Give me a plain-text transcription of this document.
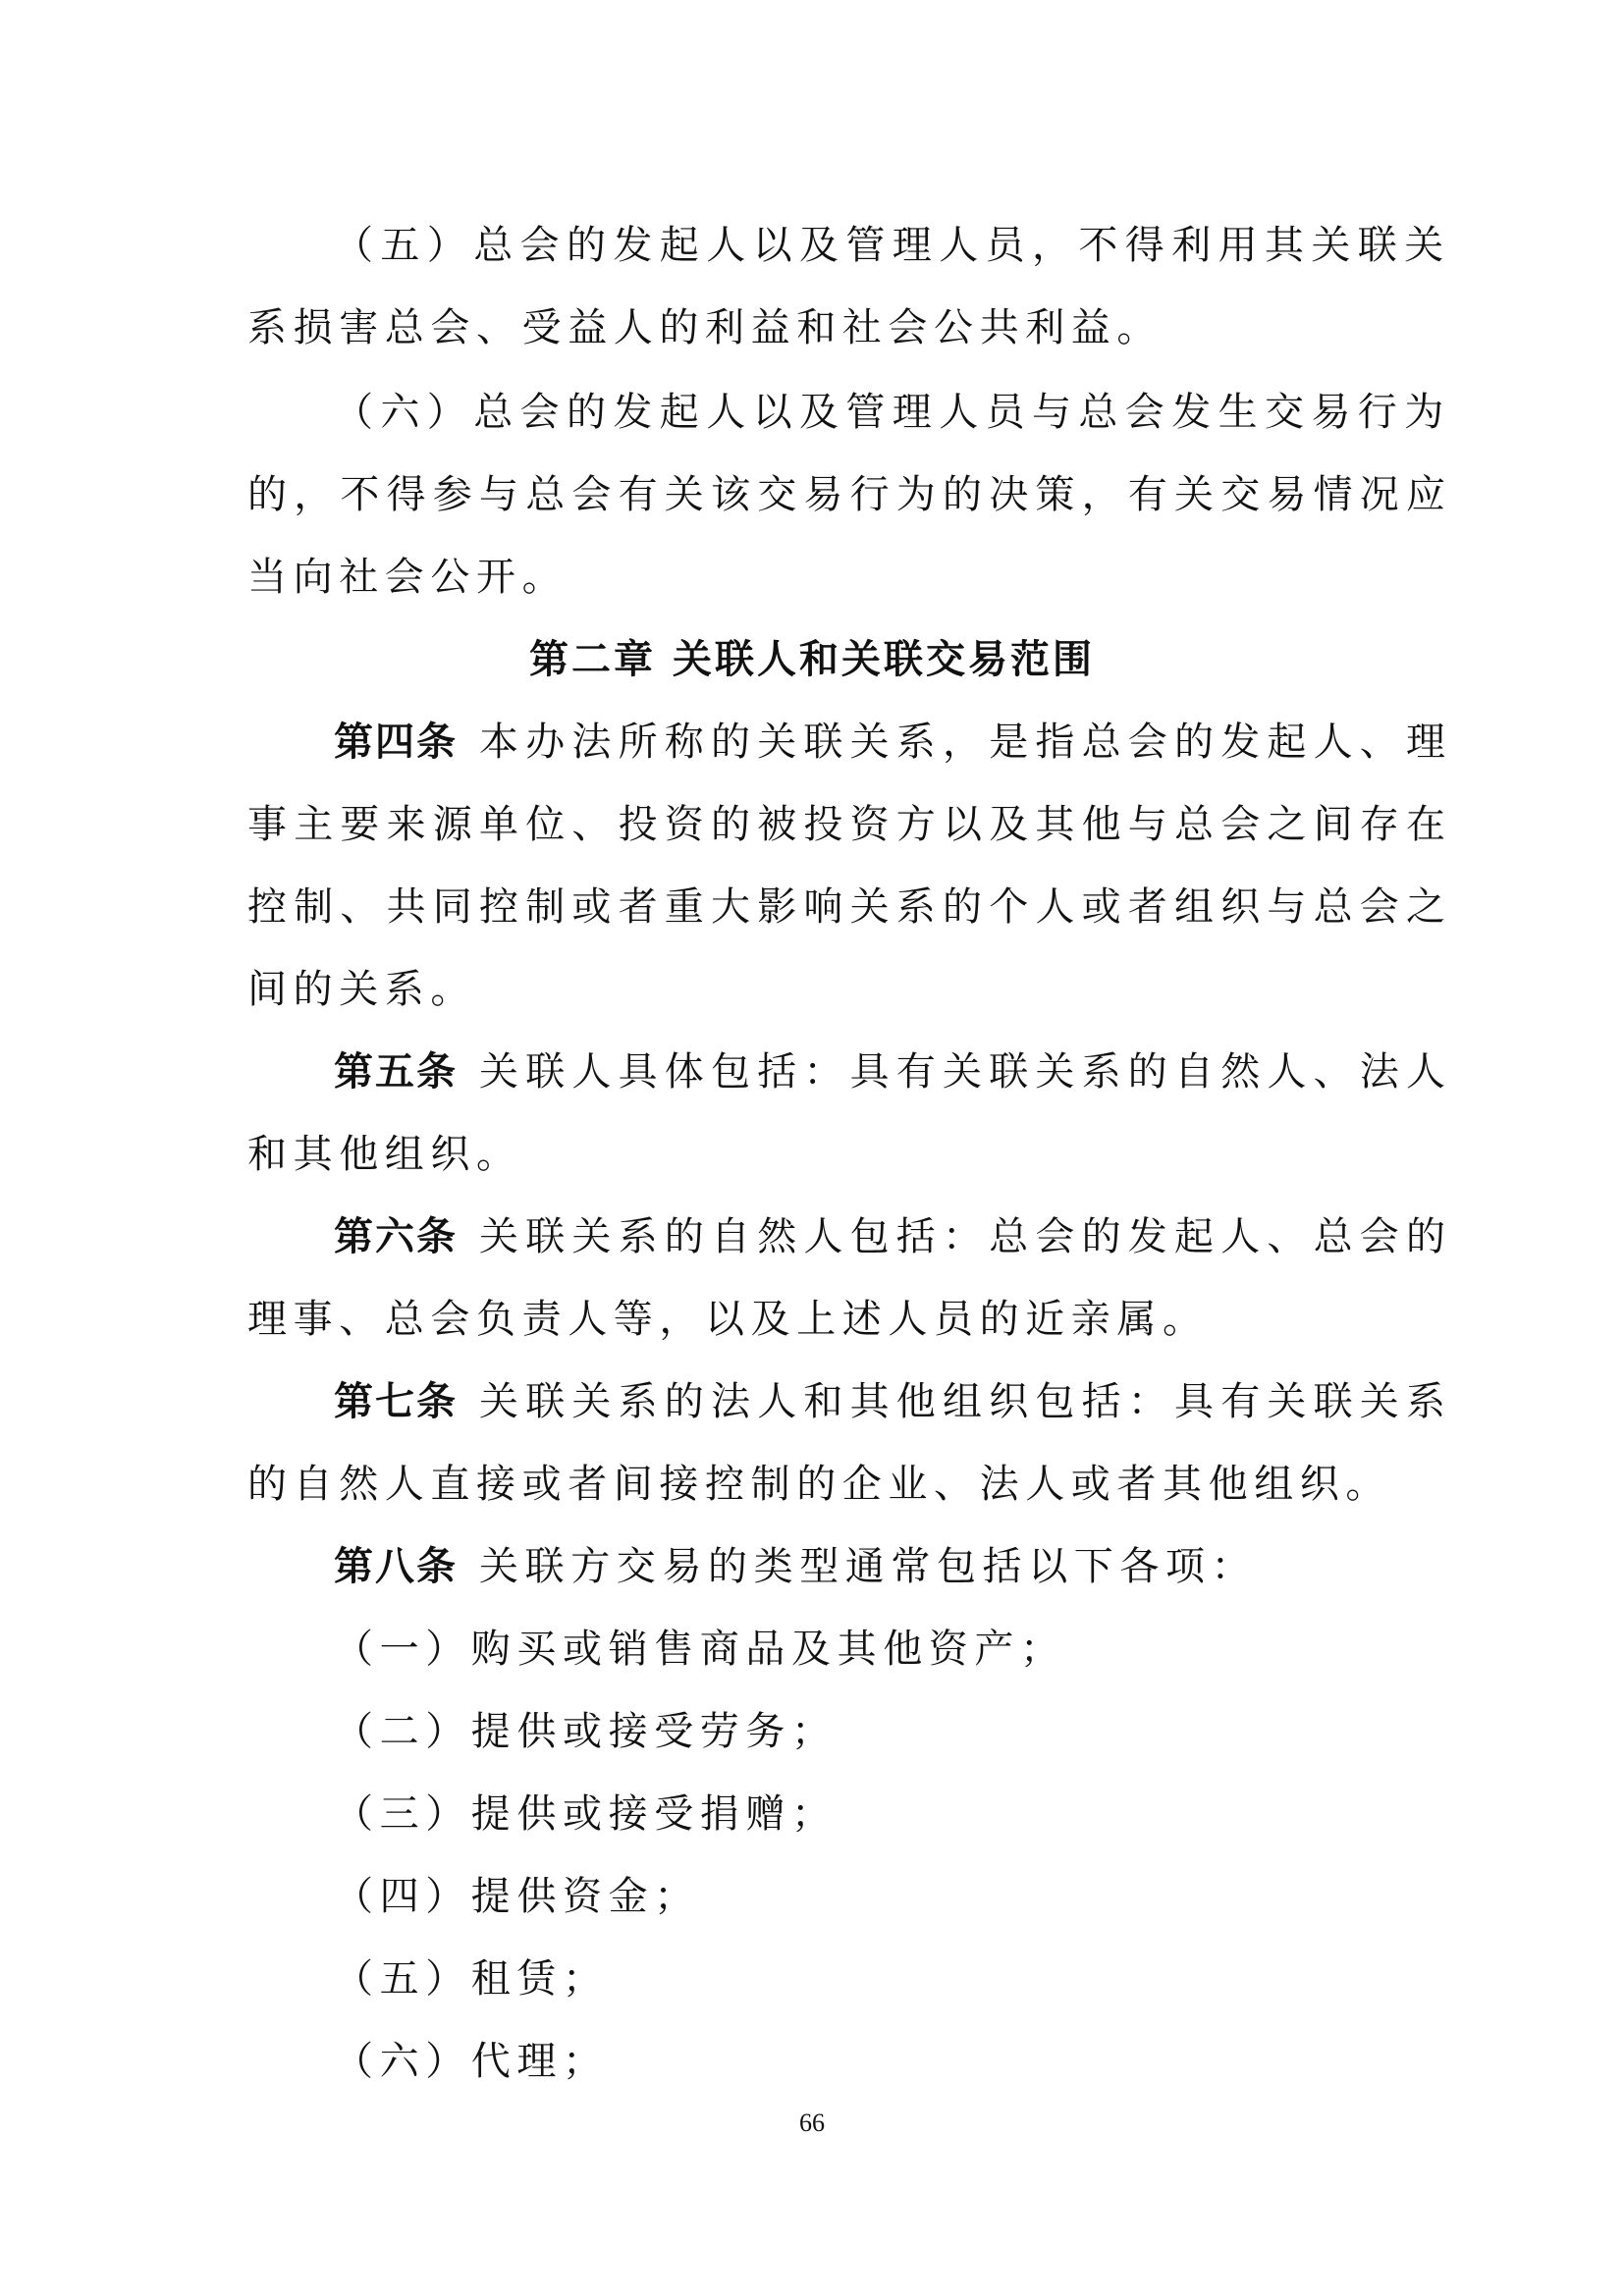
（五）总会的发起人以及管理人员，不得利用其关联关
系损害总会、受益人的利益和社会公共利益。
（六）总会的发起人以及管理人员与总会发生交易行为
的，不得参与总会有关该交易行为的决策，有关交易情况应
当向社会公开。
第二章 关联人和关联交易范围
第四条 本办法所称的关联关系，是指总会的发起人、理
事主要来源单位、投资的被投资方以及其他与总会之间存在
控制、共同控制或者重大影响关系的个人或者组织与总会之
间的关系。
第五条 关联人具体包括：具有关联关系的自然人、法人
和其他组织。
第六条 关联关系的自然人包括：总会的发起人、总会的
理事、总会负责人等，以及上述人员的近亲属。
第七条 关联关系的法人和其他组织包括：具有关联关系
的自然人直接或者间接控制的企业、法人或者其他组织。
第八条 关联方交易的类型通常包括以下各项：
（一）购买或销售商品及其他资产；
（二）提供或接受劳务；
（三）提供或接受捐赠；
（四）提供资金；
（五）租赁；
（六）代理；
66
